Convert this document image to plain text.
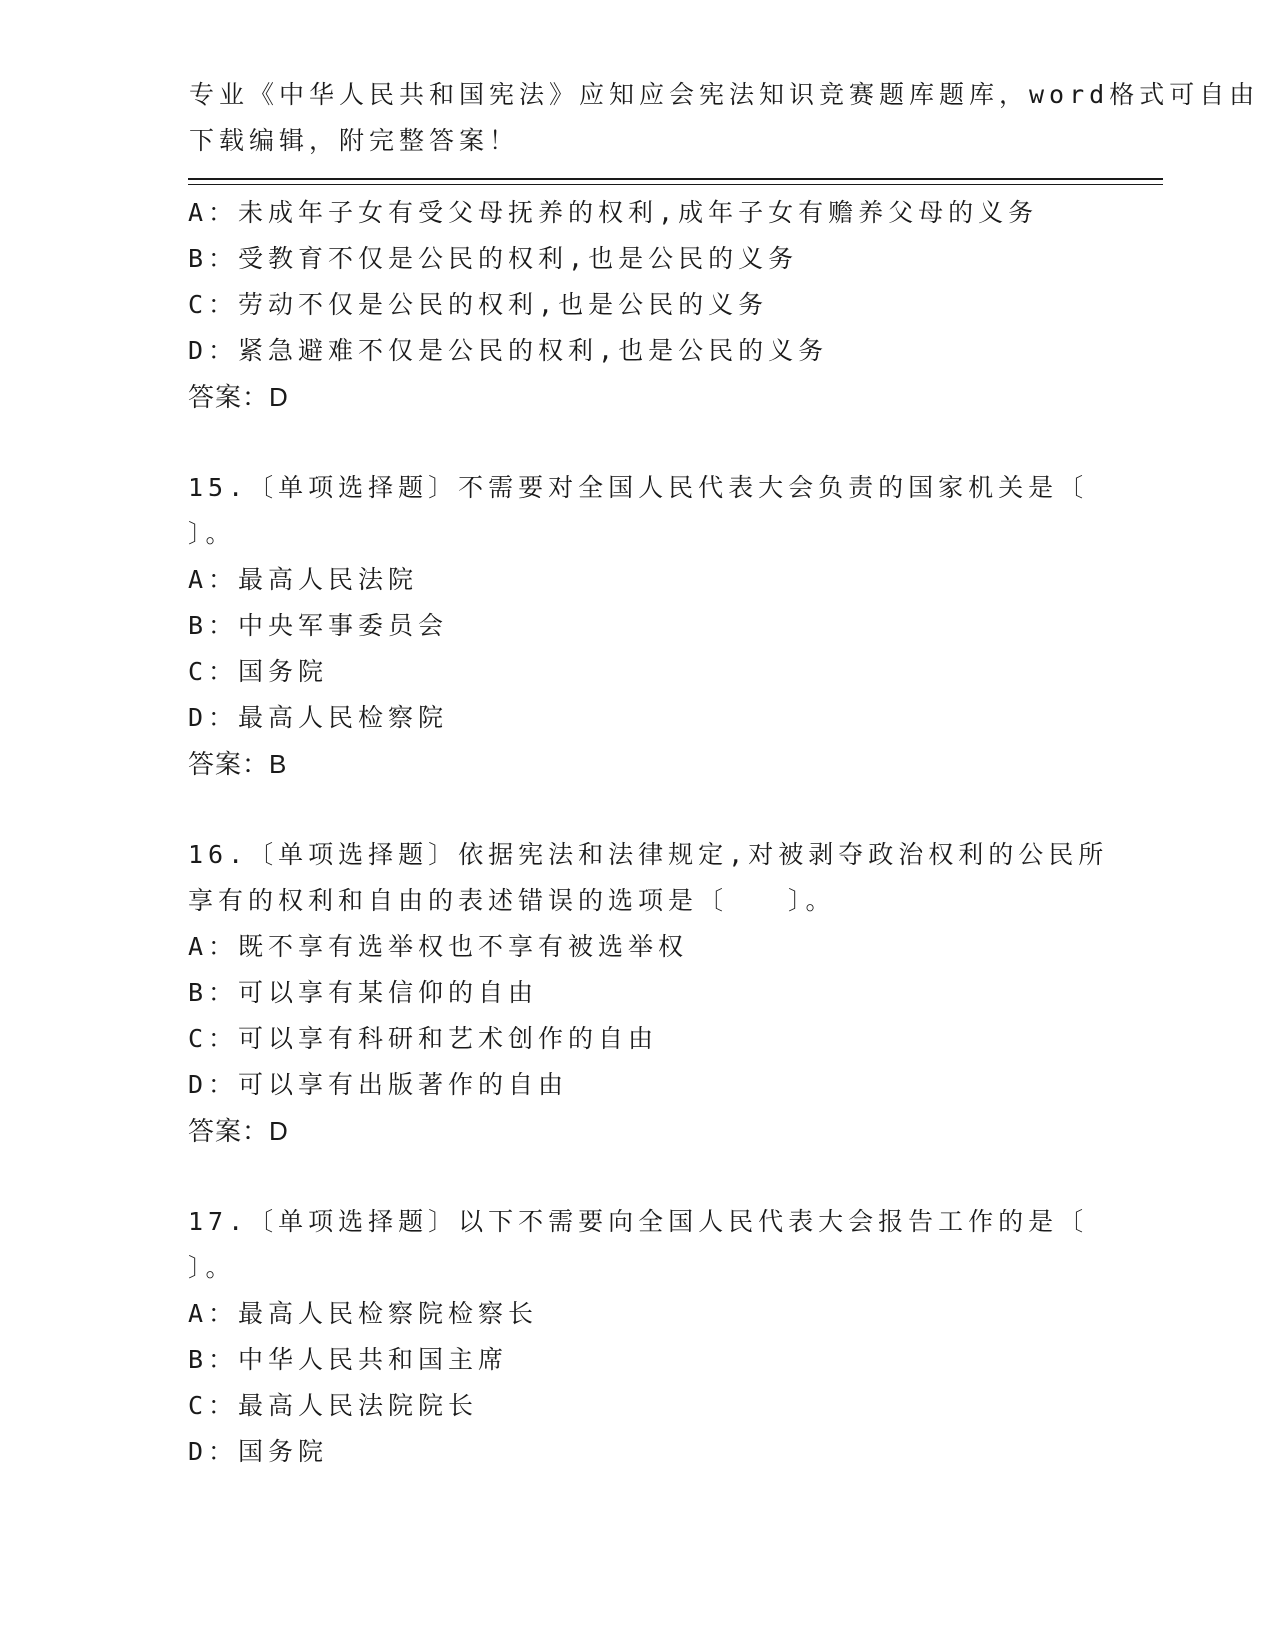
专业《中华人民共和国宪法》应知应会宪法知识竞赛题库题库，word格式可自由
下载编辑，附完整答案！
A：未成年子女有受父母抚养的权利,成年子女有赡养父母的义务
B：受教育不仅是公民的权利,也是公民的义务
C：劳动不仅是公民的权利,也是公民的义务
D：紧急避难不仅是公民的权利,也是公民的义务
答案：D
15.〔单项选择题〕不需要对全国人民代表大会负责的国家机关是〔
〕。
A：最高人民法院
B：中央军事委员会
C：国务院
D：最高人民检察院
答案：B
16.〔单项选择题〕依据宪法和法律规定,对被剥夺政治权利的公民所
享有的权利和自由的表述错误的选项是〔　　〕。
A：既不享有选举权也不享有被选举权
B：可以享有某信仰的自由
C：可以享有科研和艺术创作的自由
D：可以享有出版著作的自由
答案：D
17.〔单项选择题〕以下不需要向全国人民代表大会报告工作的是〔
〕。
A：最高人民检察院检察长
B：中华人民共和国主席
C：最高人民法院院长
D：国务院
